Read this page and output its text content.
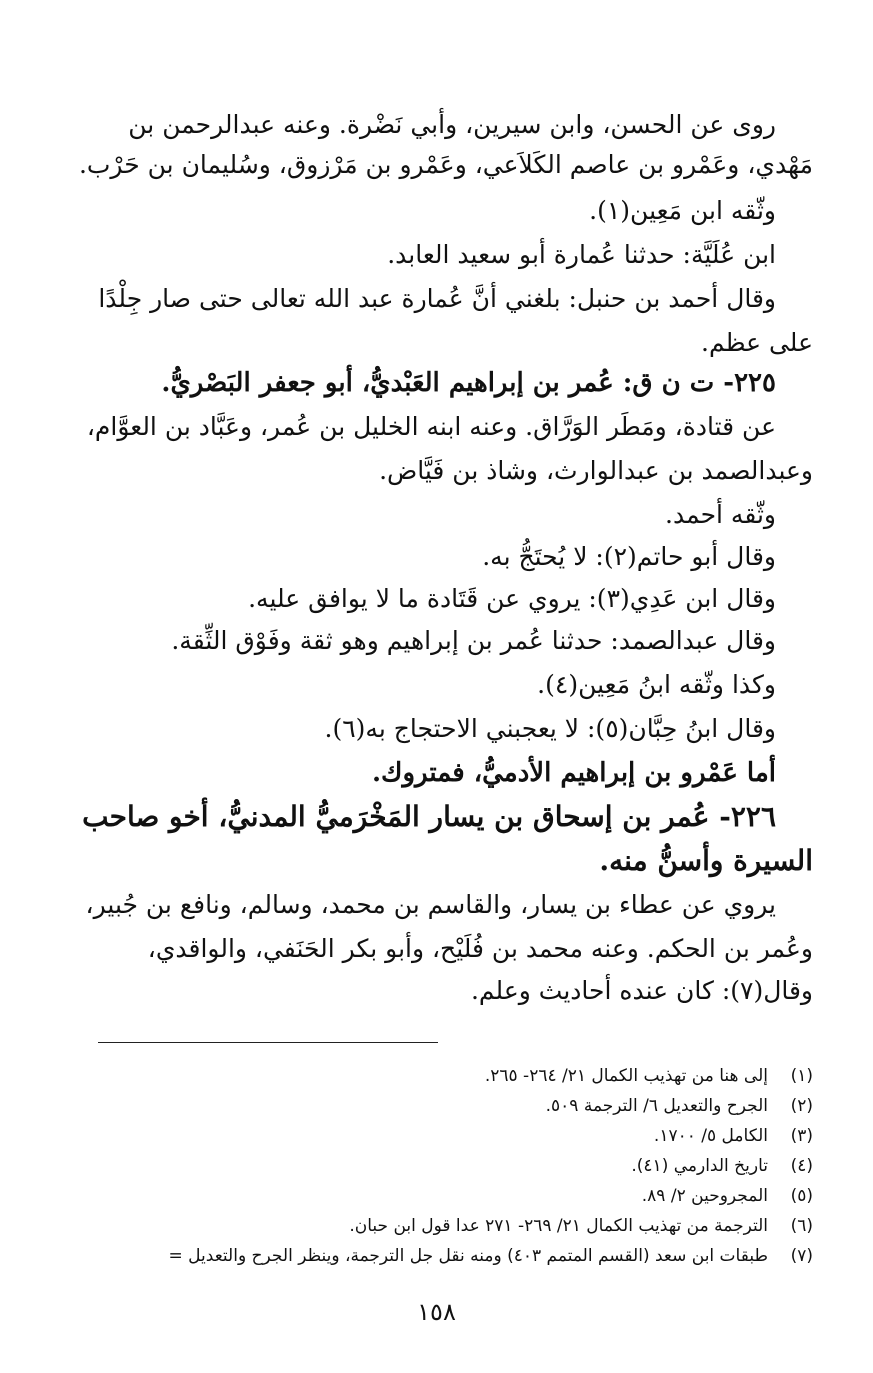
روى عن الحسن، وابن سيرين، وأبي نَضْرة. وعنه عبدالرحمن بن
مَهْدي، وعَمْرو بن عاصم الكَلاَعي، وعَمْرو بن مَرْزوق، وسُليمان بن حَرْب.
وثّقه ابن مَعِين(١).
ابن عُلَيَّة: حدثنا عُمارة أبو سعيد العابد.
وقال أحمد بن حنبل: بلغني أنَّ عُمارة عبد الله تعالى حتى صار جِلْدًا
على عظم.
٢٢٥- ت ن ق: عُمر بن إبراهيم العَبْديُّ، أبو جعفر البَصْريُّ.
عن قتادة، ومَطَر الوَرَّاق. وعنه ابنه الخليل بن عُمر، وعَبَّاد بن العوَّام،
وعبدالصمد بن عبدالوارث، وشاذ بن فَيَّاض.
وثّقه أحمد.
وقال أبو حاتم(٢): لا يُحتَجُّ به.
وقال ابن عَدِي(٣): يروي عن قَتَادة ما لا يوافق عليه.
وقال عبدالصمد: حدثنا عُمر بن إبراهيم وهو ثقة وفَوْق الثِّقة.
وكذا وثّقه ابنُ مَعِين(٤).
وقال ابنُ حِبَّان(٥): لا يعجبني الاحتجاج به(٦).
أما عَمْرو بن إبراهيم الأدميُّ، فمتروك.
٢٢٦- عُمر بن إسحاق بن يسار المَخْرَميُّ المدنيُّ، أخو صاحب
السيرة وأسنُّ منه.
يروي عن عطاء بن يسار، والقاسم بن محمد، وسالم، ونافع بن جُبير،
وعُمر بن الحكم. وعنه محمد بن فُلَيْح، وأبو بكر الحَنَفي، والواقدي،
وقال(٧): كان عنده أحاديث وعلم.
(١)إلى هنا من تهذيب الكمال ٢١/ ٢٦٤- ٢٦٥.
(٢)الجرح والتعديل ٦/ الترجمة ٥٠٩.
(٣)الكامل ٥/ ١٧٠٠.
(٤)تاريخ الدارمي (٤١).
(٥)المجروحين ٢/ ٨٩.
(٦)الترجمة من تهذيب الكمال ٢١/ ٢٦٩- ٢٧١ عدا قول ابن حبان.
(٧)طبقات ابن سعد (القسم المتمم ٤٠٣) ومنه نقل جل الترجمة، وينظر الجرح والتعديل =
١٥٨
